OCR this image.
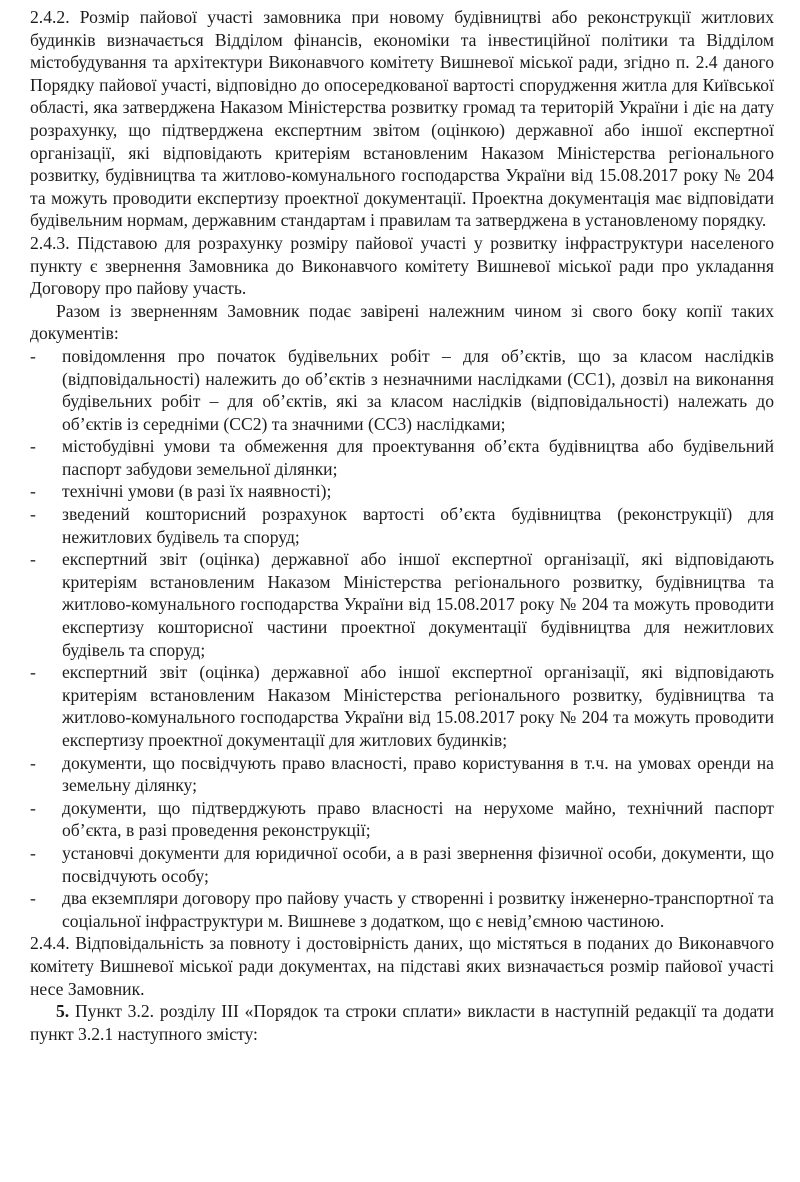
2.4.2. Розмір пайової участі замовника при новому будівництві або реконструкції житлових будинків визначається Відділом фінансів, економіки та інвестиційної політики та Відділом містобудування та архітектури Виконавчого комітету Вишневої міської ради, згідно п. 2.4 даного Порядку пайової участі, відповідно до опосередкованої вартості спорудження житла для Київської області, яка затверджена Наказом Міністерства розвитку громад та територій України і діє на дату розрахунку, що підтверджена експертним звітом (оцінкою) державної або іншої експертної організації, які відповідають критеріям встановленим Наказом Міністерства регіонального розвитку, будівництва та житлово-комунального господарства України від 15.08.2017 року № 204 та можуть проводити експертизу проектної документації. Проектна документація має відповідати будівельним нормам, державним стандартам і правилам та затверджена в установленому порядку.

2.4.3. Підставою для розрахунку розміру пайової участі у розвитку інфраструктури населеного пункту є звернення Замовника до Виконавчого комітету Вишневої міської ради про укладання Договору про пайову участь.

Разом із зверненням Замовник подає завірені належним чином зі свого боку копії таких документів:

- повідомлення про початок будівельних робіт – для об’єктів, що за класом наслідків (відповідальності) належить до об’єктів з незначними наслідками (СС1), дозвіл на виконання будівельних робіт – для об’єктів, які за класом наслідків (відповідальності) належать до об’єктів із середніми (СС2) та значними (СС3) наслідками;
- містобудівні умови та обмеження для проектування об’єкта будівництва або будівельний паспорт забудови земельної ділянки;
- технічні умови (в разі їх наявності);
- зведений кошторисний розрахунок вартості об’єкта будівництва (реконструкції) для нежитлових будівель та споруд;
- експертний звіт (оцінка) державної або іншої експертної організації, які відповідають критеріям встановленим Наказом Міністерства регіонального розвитку, будівництва та житлово-комунального господарства України від 15.08.2017 року № 204 та можуть проводити експертизу кошторисної частини проектної документації будівництва для нежитлових будівель та споруд;
- експертний звіт (оцінка) державної або іншої експертної організації, які відповідають критеріям встановленим Наказом Міністерства регіонального розвитку, будівництва та житлово-комунального господарства України від 15.08.2017 року № 204 та можуть проводити експертизу проектної документації для житлових будинків;
- документи, що посвідчують право власності, право користування в т.ч. на умовах оренди на земельну ділянку;
- документи, що підтверджують право власності на нерухоме майно, технічний паспорт об’єкта, в разі проведення реконструкції;
- установчі документи для юридичної особи, а в разі звернення фізичної особи, документи, що посвідчують особу;
- два екземпляри договору про пайову участь у створенні і розвитку інженерно-транспортної та соціальної інфраструктури м. Вишневе з додатком, що є невід’ємною частиною.

2.4.4. Відповідальність за повноту і достовірність даних, що містяться в поданих до Виконавчого комітету Вишневої міської ради документах, на підставі яких визначається розмір пайової участі несе Замовник.

5. Пункт 3.2. розділу ІІІ «Порядок та строки сплати» викласти в наступній редакції та додати пункт 3.2.1 наступного змісту:
